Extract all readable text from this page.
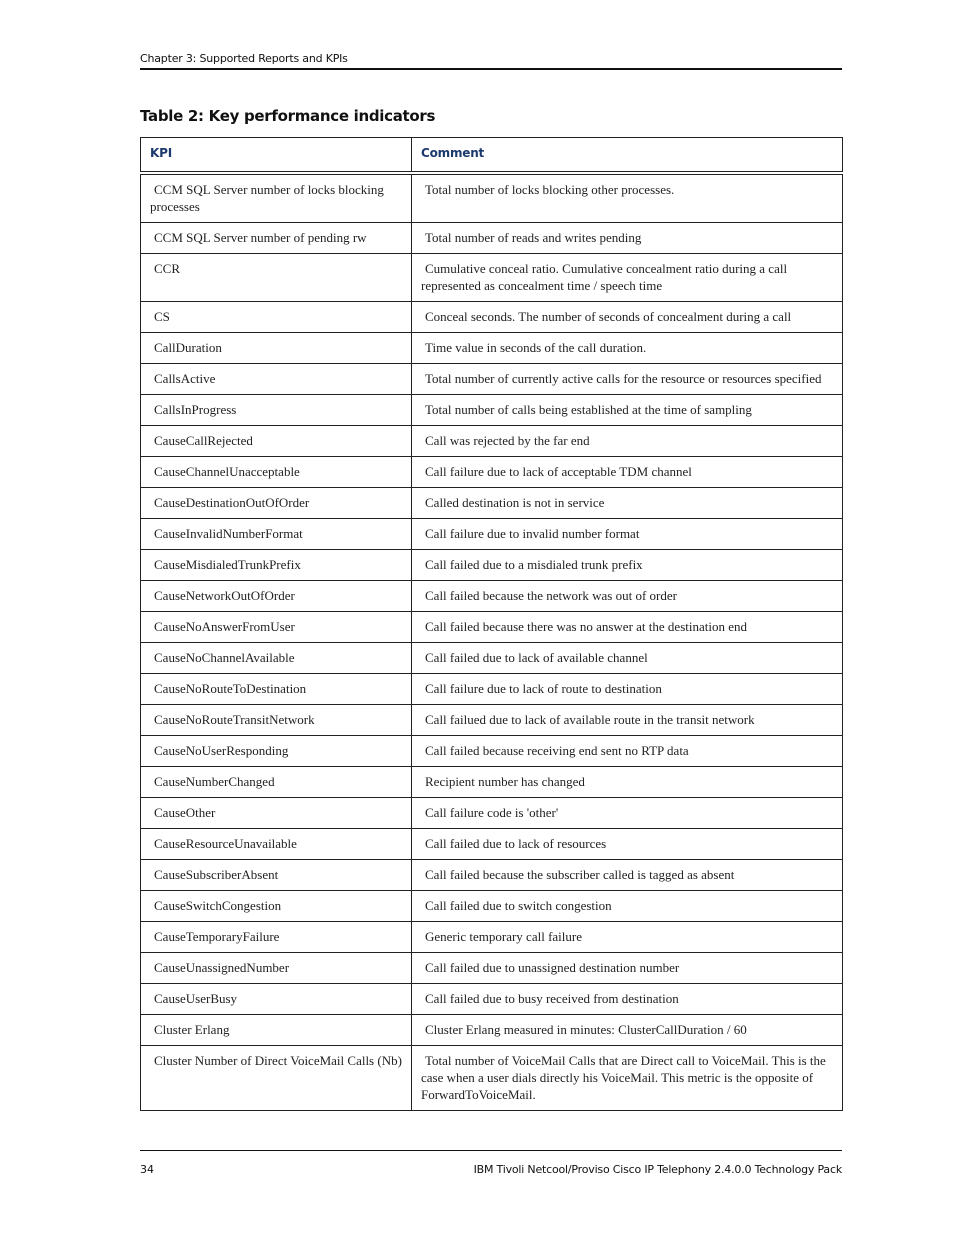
Chapter 3: Supported Reports and KPIs
Table 2: Key performance indicators
KPI	Comment

CCM SQL Server number of locks blocking processes	Total number of locks blocking other processes.

CCM SQL Server number of pending rw	Total number of reads and writes pending

CCR	Cumulative conceal ratio. Cumulative concealment ratio during a call represented as concealment time / speech time

CS	Conceal seconds. The number of seconds of concealment during a call

CallDuration	Time value in seconds of the call duration.

CallsActive	Total number of currently active calls for the resource or resources specified

CallsInProgress	Total number of calls being established at the time of sampling

CauseCallRejected	Call was rejected by the far end

CauseChannelUnacceptable	Call failure due to lack of acceptable TDM channel

CauseDestinationOutOfOrder	Called destination is not in service

CauseInvalidNumberFormat	Call failure due to invalid number format

CauseMisdialedTrunkPrefix	Call failed due to a misdialed trunk prefix

CauseNetworkOutOfOrder	Call failed because the network was out of order

CauseNoAnswerFromUser	Call failed because there was no answer at the destination end

CauseNoChannelAvailable	Call failed due to lack of available channel

CauseNoRouteToDestination	Call failure due to lack of route to destination

CauseNoRouteTransitNetwork	Call failued due to lack of available route in the transit network

CauseNoUserResponding	Call failed because receiving end sent no RTP data

CauseNumberChanged	Recipient number has changed

CauseOther	Call failure code is 'other'

CauseResourceUnavailable	Call failed due to lack of resources

CauseSubscriberAbsent	Call failed because the subscriber called is tagged as absent

CauseSwitchCongestion	Call failed due to switch congestion

CauseTemporaryFailure	Generic temporary call failure

CauseUnassignedNumber	Call failed due to unassigned destination number

CauseUserBusy	Call failed due to busy received from destination

Cluster Erlang	Cluster Erlang measured in minutes: ClusterCallDuration / 60

Cluster Number of Direct VoiceMail Calls (Nb)	Total number of VoiceMail Calls that are Direct call to VoiceMail. This is the case when a user dials directly his VoiceMail. This metric is the opposite of ForwardToVoiceMail.
34	IBM Tivoli Netcool/Proviso Cisco IP Telephony 2.4.0.0 Technology Pack
